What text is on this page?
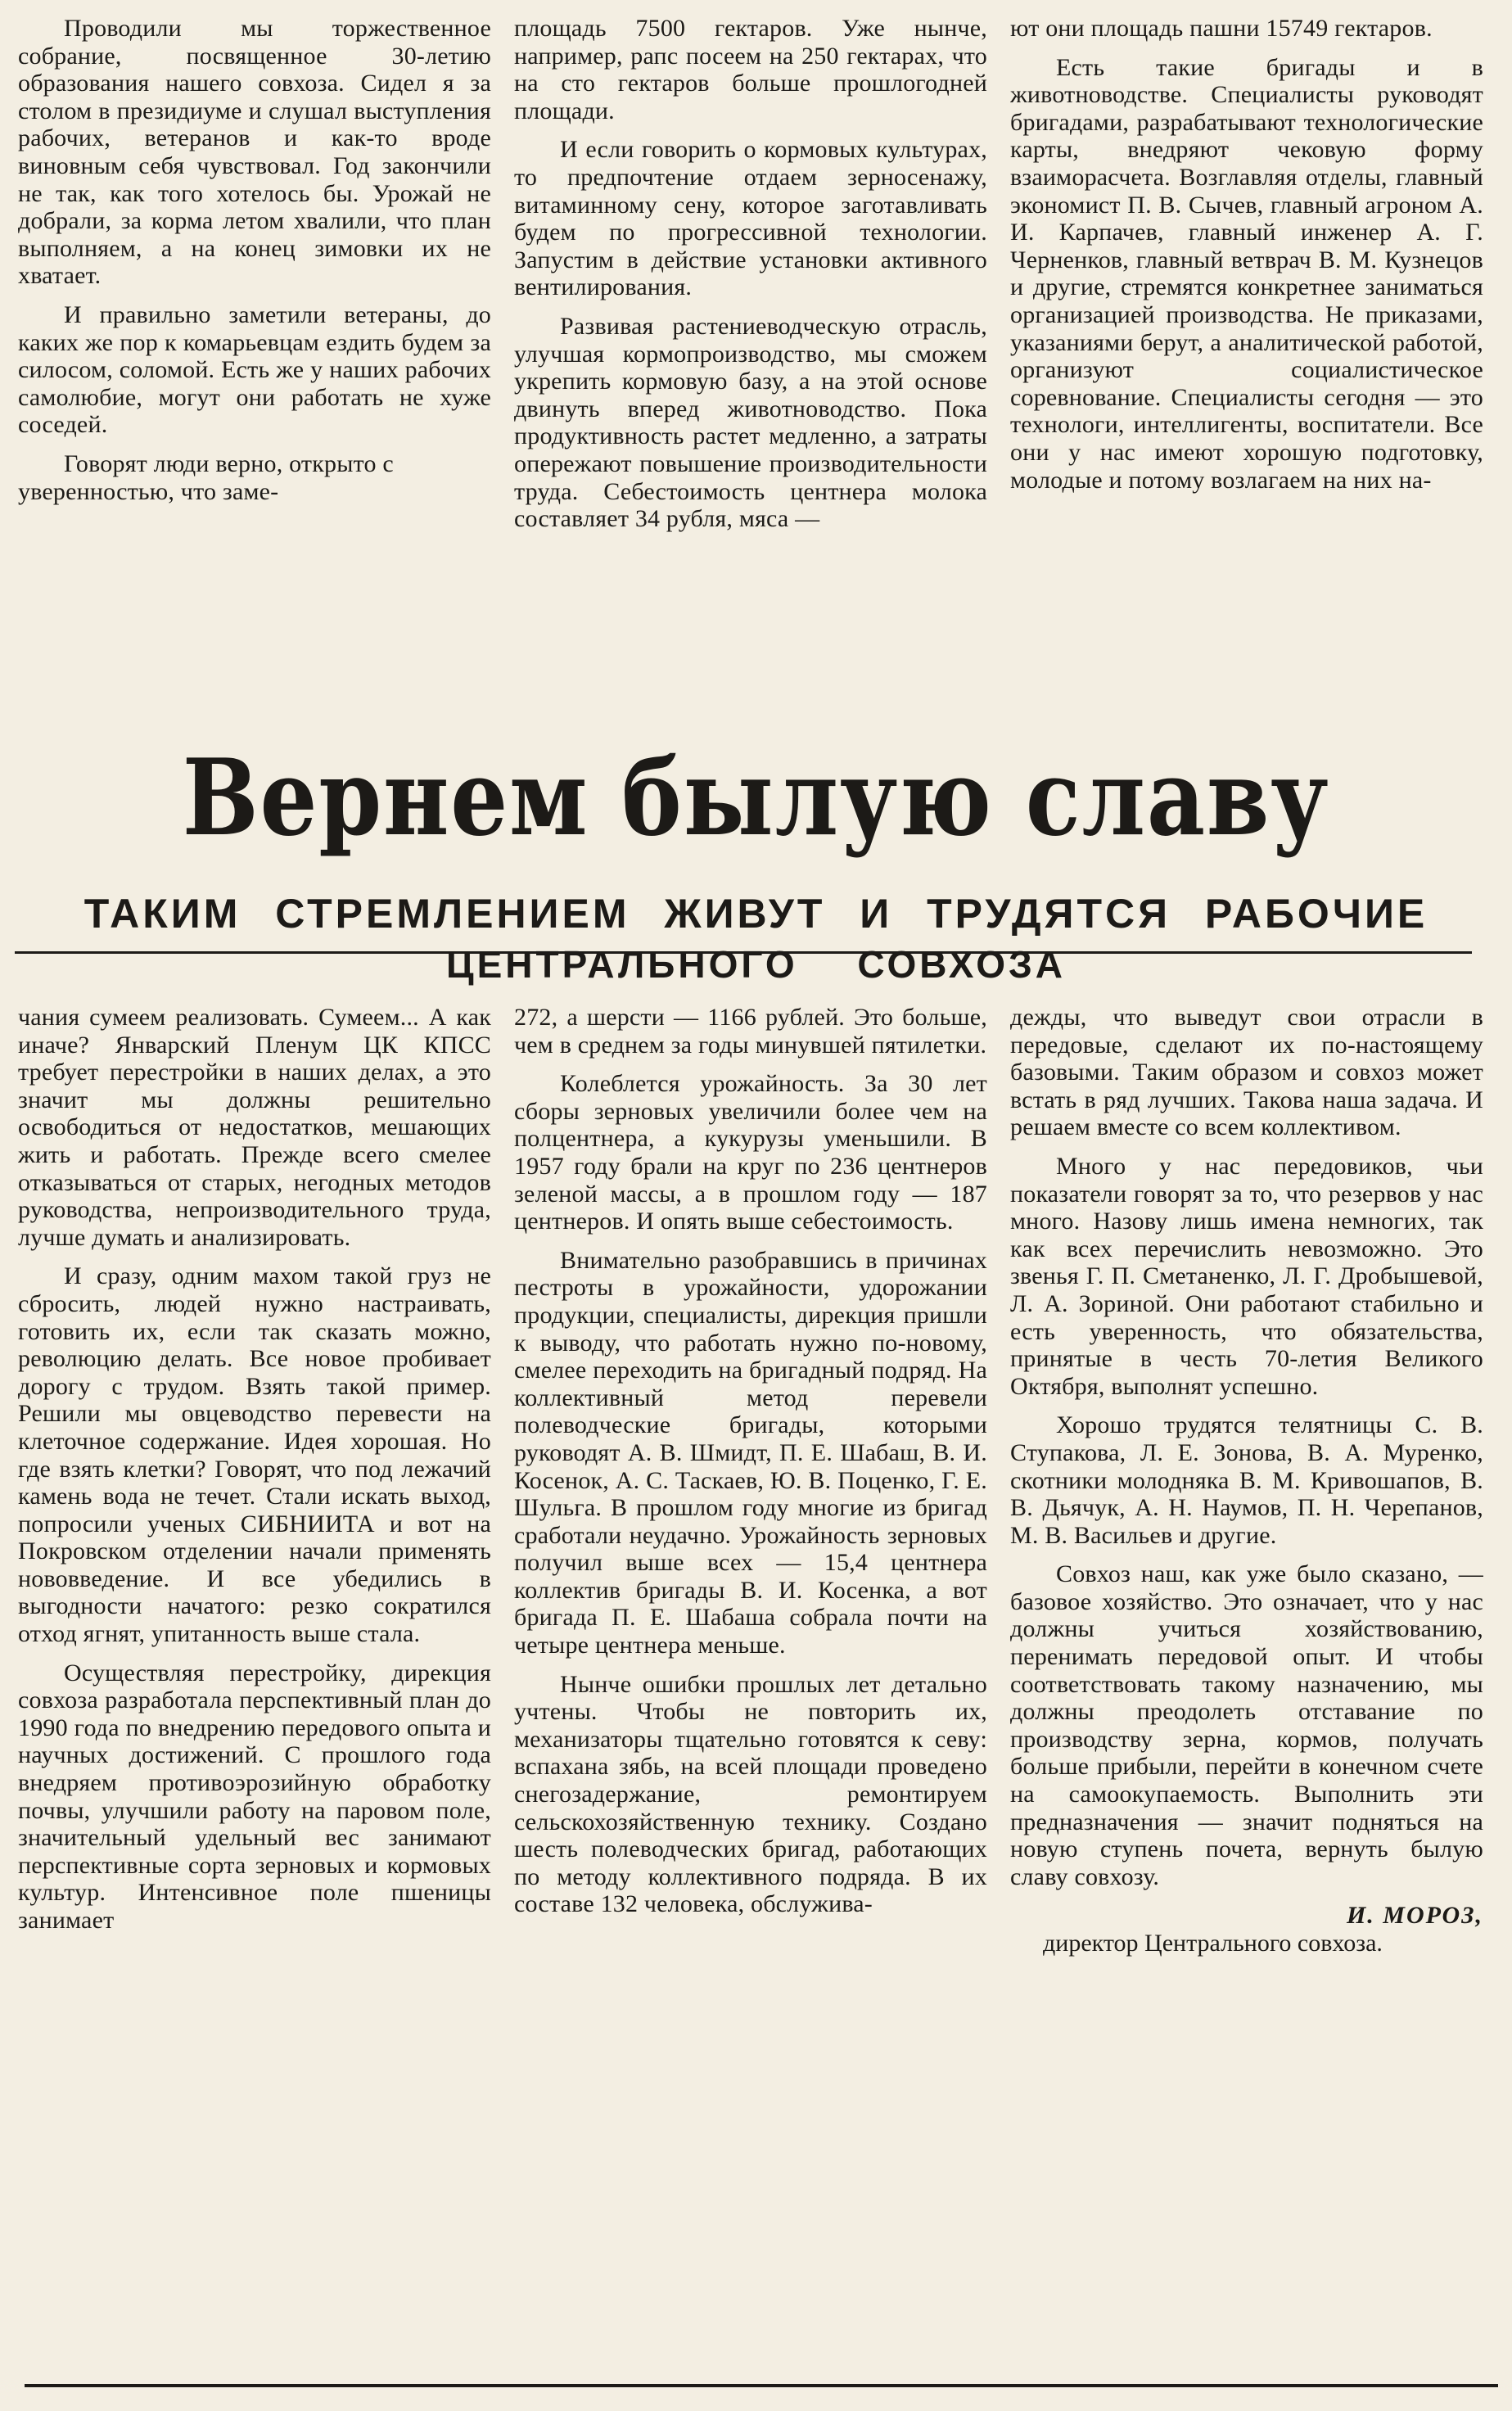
Проводили мы торжественное собрание, посвященное 30-летию образования нашего совхоза. Сидел я за столом в президиуме и слушал выступления рабочих, ветеранов и как-то вроде виновным себя чувствовал. Год закончили не так, как того хотелось бы. Урожай не добрали, за корма летом хвалили, что план выполняем, а на конец зимовки их не хватает.

И правильно заметили ветераны, до каких же пор к комарьевцам ездить будем за силосом, соломой. Есть же у наших рабочих самолюбие, могут они работать не хуже соседей.

Говорят люди верно, открыто с уверенностью, что заме-

площадь 7500 гектаров. Уже нынче, например, рапс посеем на 250 гектарах, что на сто гектаров больше прошлогодней площади.

И если говорить о кормовых культурах, то предпочтение отдаем зерносенажу, витаминному сену, которое заготавливать будем по прогрессивной технологии. Запустим в действие установки активного вентилирования.

Развивая растениеводческую отрасль, улучшая кормопроизводство, мы сможем укрепить кормовую базу, а на этой основе двинуть вперед животноводство. Пока продуктивность растет медленно, а затраты опережают повышение производительности труда. Себестоимость центнера молока составляет 34 рубля, мяса —

ют они площадь пашни 15749 гектаров.

Есть такие бригады и в животноводстве. Специалисты руководят бригадами, разрабатывают технологические карты, внедряют чековую форму взаиморасчета. Возглавляя отделы, главный экономист П. В. Сычев, главный агроном А. И. Карпачев, главный инженер А. Г. Черненков, главный ветврач В. М. Кузнецов и другие, стремятся конкретнее заниматься организацией производства. Не приказами, указаниями берут, а аналитической работой, организуют социалистическое соревнование. Специалисты сегодня — это технологи, интеллигенты, воспитатели. Все они у нас имеют хорошую подготовку, молодые и потому возлагаем на них на-

Вернем былую славу
ТАКИМ СТРЕМЛЕНИЕМ ЖИВУТ И ТРУДЯТСЯ РАБОЧИЕ
ЦЕНТРАЛЬНОГО СОВХОЗА

чания сумеем реализовать. Сумеем... А как иначе? Январский Пленум ЦК КПСС требует перестройки в наших делах, а это значит мы должны решительно освободиться от недостатков, мешающих жить и работать. Прежде всего смелее отказываться от старых, негодных методов руководства, непроизводительного труда, лучше думать и анализировать.

И сразу, одним махом такой груз не сбросить, людей нужно настраивать, готовить их, если так сказать можно, революцию делать. Все новое пробивает дорогу с трудом. Взять такой пример. Решили мы овцеводство перевести на клеточное содержание. Идея хорошая. Но где взять клетки? Говорят, что под лежачий камень вода не течет. Стали искать выход, попросили ученых СИБНИИТА и вот на Покровском отделении начали применять нововведение. И все убедились в выгодности начатого: резко сократился отход ягнят, упитанность выше стала.

Осуществляя перестройку, дирекция совхоза разработала перспективный план до 1990 года по внедрению передового опыта и научных достижений. С прошлого года внедряем противоэрозийную обработку почвы, улучшили работу на паровом поле, значительный удельный вес занимают перспективные сорта зерновых и кормовых культур. Интенсивное поле пшеницы занимает

272, а шерсти — 1166 рублей. Это больше, чем в среднем за годы минувшей пятилетки.

Колеблется урожайность. За 30 лет сборы зерновых увеличили более чем на полцентнера, а кукурузы уменьшили. В 1957 году брали на круг по 236 центнеров зеленой массы, а в прошлом году — 187 центнеров. И опять выше себестоимость.

Внимательно разобравшись в причинах пестроты в урожайности, удорожании продукции, специалисты, дирекция пришли к выводу, что работать нужно по-новому, смелее переходить на бригадный подряд. На коллективный метод перевели полеводческие бригады, которыми руководят А. В. Шмидт, П. Е. Шабаш, В. И. Косенок, А. С. Таскаев, Ю. В. Поценко, Г. Е. Шульга. В прошлом году многие из бригад сработали неудачно. Урожайность зерновых получил выше всех — 15,4 центнера коллектив бригады В. И. Косенка, а вот бригада П. Е. Шабаша собрала почти на четыре центнера меньше.

Нынче ошибки прошлых лет детально учтены. Чтобы не повторить их, механизаторы тщательно готовятся к севу: вспахана зябь, на всей площади проведено снегозадержание, ремонтируем сельскохозяйственную технику. Создано шесть полеводческих бригад, работающих по методу коллективного подряда. В их составе 132 человека, обслужива-

дежды, что выведут свои отрасли в передовые, сделают их по-настоящему базовыми. Таким образом и совхоз может встать в ряд лучших. Такова наша задача. И решаем вместе со всем коллективом.

Много у нас передовиков, чьи показатели говорят за то, что резервов у нас много. Назову лишь имена немногих, так как всех перечислить невозможно. Это звенья Г. П. Сметаненко, Л. Г. Дробышевой, Л. А. Зориной. Они работают стабильно и есть уверенность, что обязательства, принятые в честь 70-летия Великого Октября, выполнят успешно.

Хорошо трудятся телятницы С. В. Ступакова, Л. Е. Зонова, В. А. Муренко, скотники молодняка В. М. Кривошапов, В. В. Дьячук, А. Н. Наумов, П. Н. Черепанов, М. В. Васильев и другие.

Совхоз наш, как уже было сказано, — базовое хозяйство. Это означает, что у нас должны учиться хозяйствованию, перенимать передовой опыт. И чтобы соответствовать такому назначению, мы должны преодолеть отставание по производству зерна, кормов, получать больше прибыли, перейти в конечном счете на самоокупаемость. Выполнить эти предназначения — значит подняться на новую ступень почета, вернуть былую славу совхозу.

И. МОРОЗ,
директор Центрального совхоза.
